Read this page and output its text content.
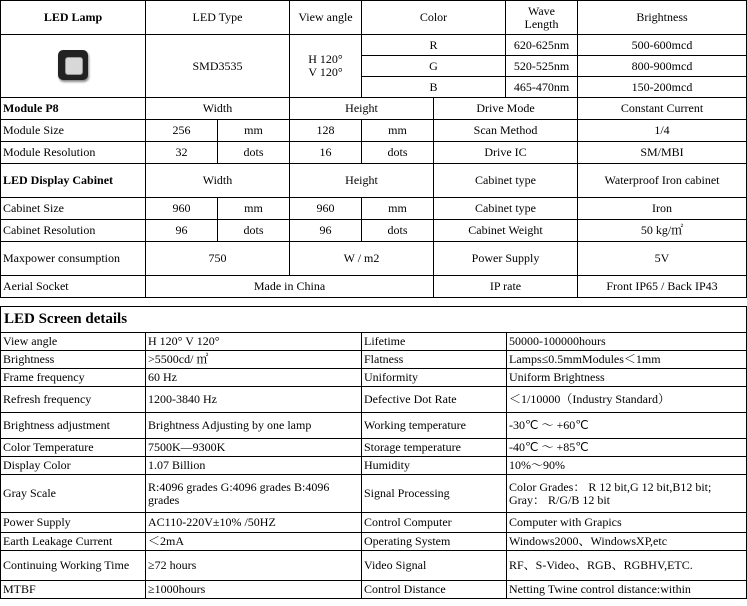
LED Lamp	LED Type		View angle	Color		Wave
Length	Brightness
	SMD3535		H 120°
V 120°	R		620-625nm	500-600mcd
				G		520-525nm	800-900mcd
				B		465-470nm	150-200mcd
Module P8	Width		Height		Drive Mode		Constant Current
Module Size	256	mm	128	mm	Scan Method		1/4
Module Resolution	32	dots	16	dots	Drive IC		SM/MBI
LED Display Cabinet	Width		Height		Cabinet type		Waterproof Iron cabinet
Cabinet Size	960	mm	960	mm	Cabinet type		Iron
Cabinet Resolution	96	dots	96	dots	Cabinet Weight		50 kg/㎡
Maxpower consumption	750		W / m2		Power Supply		5V
Aerial Socket	Made in China				IP rate		Front IP65 / Back IP43
LED Screen details			
View angle	H 120° V 120°	Lifetime	50000-100000hours
Brightness	>5500cd/ ㎡	Flatness	Lamps≤0.5mmModules＜1mm
Frame frequency	60 Hz	Uniformity	Uniform Brightness
Refresh frequency	1200-3840 Hz	Defective Dot Rate	＜1/10000（Industry Standard）
Brightness adjustment	Brightness Adjusting by one lamp	Working temperature	-30℃ ～ +60℃
Color Temperature	7500K—9300K	Storage temperature	-40℃ ～ +85℃
Display Color	1.07 Billion	Humidity	10%～90%
Gray Scale	R:4096 grades G:4096 grades B:4096 grades	Signal Processing	Color Grades： R 12 bit,G 12 bit,B12 bit;
Gray： R/G/B 12 bit
Power Supply	AC110-220V±10% /50HZ	Control Computer	Computer with Grapics
Earth Leakage Current	＜2mA	Operating System	Windows2000、WindowsXP,etc
Continuing Working Time	≥72 hours	Video Signal	RF、S-Video、RGB、RGBHV,ETC.
MTBF	≥1000hours	Control Distance	Netting Twine control distance:within
